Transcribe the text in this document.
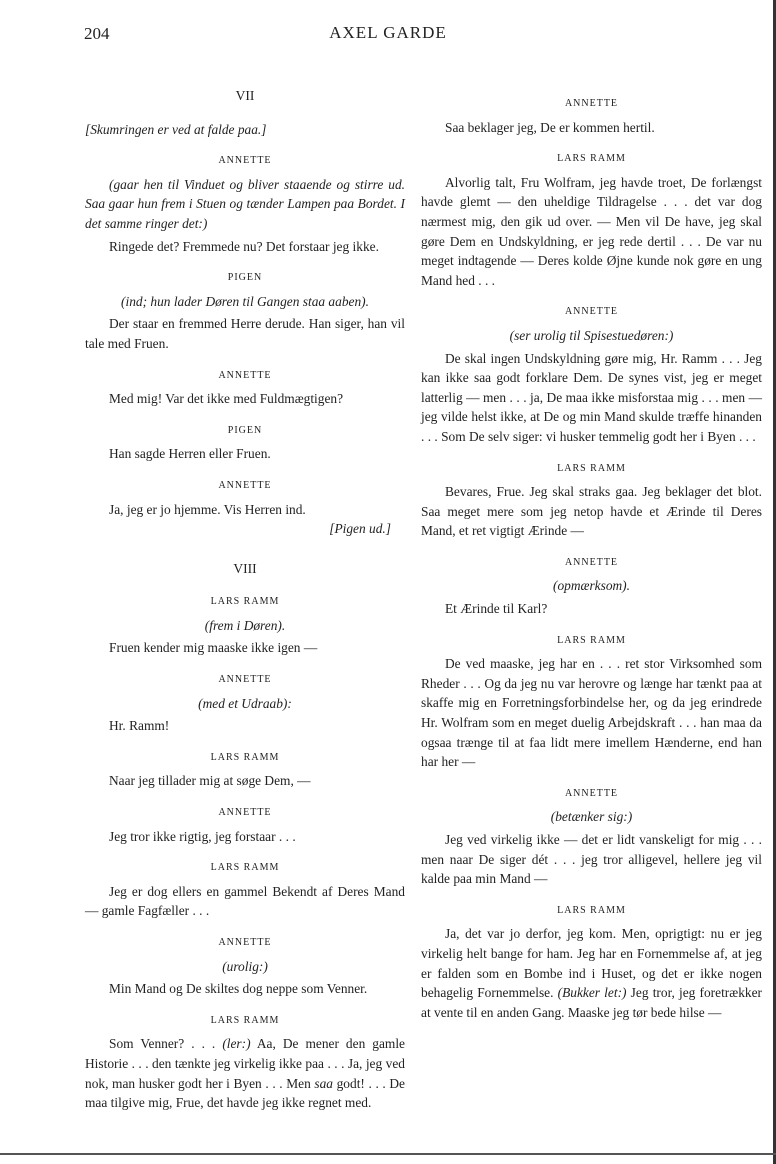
204	AXEL GARDE
VII
[Skumringen er ved at falde paa.]
ANNETTE
(gaar hen til Vinduet og bliver staaende og stirre ud. Saa gaar hun frem i Stuen og tænder Lampen paa Bordet. I det samme ringer det:)
Ringede det? Fremmede nu? Det forstaar jeg ikke.
PIGEN
(ind; hun lader Døren til Gangen staa aaben).
Der staar en fremmed Herre derude. Han siger, han vil tale med Fruen.
ANNETTE
Med mig! Var det ikke med Fuldmægtigen?
PIGEN
Han sagde Herren eller Fruen.
ANNETTE
Ja, jeg er jo hjemme. Vis Herren ind.
[Pigen ud.]
VIII
LARS RAMM
(frem i Døren).
Fruen kender mig maaske ikke igen —
ANNETTE
(med et Udraab):
Hr. Ramm!
LARS RAMM
Naar jeg tillader mig at søge Dem, —
ANNETTE
Jeg tror ikke rigtig, jeg forstaar . . .
LARS RAMM
Jeg er dog ellers en gammel Bekendt af Deres Mand — gamle Fagfæller . . .
ANNETTE
(urolig:)
Min Mand og De skiltes dog neppe som Venner.
LARS RAMM
Som Venner? . . . (ler:) Aa, De mener den gamle Historie . . . den tænkte jeg virkelig ikke paa . . . Ja, jeg ved nok, man husker godt her i Byen . . . Men saa godt! . . . De maa tilgive mig, Frue, det havde jeg ikke regnet med.
ANNETTE
Saa beklager jeg, De er kommen hertil.
LARS RAMM
Alvorlig talt, Fru Wolfram, jeg havde troet, De forlængst havde glemt — den uheldige Tildragelse . . . det var dog nærmest mig, den gik ud over. — Men vil De have, jeg skal gøre Dem en Undskyldning, er jeg rede dertil . . . De var nu meget indtagende — Deres kolde Øjne kunde nok gøre en ung Mand hed . . .
ANNETTE
(ser urolig til Spisestuedøren:)
De skal ingen Undskyldning gøre mig, Hr. Ramm . . . Jeg kan ikke saa godt forklare Dem. De synes vist, jeg er meget latterlig — men . . . ja, De maa ikke misforstaa mig . . . men — jeg vilde helst ikke, at De og min Mand skulde træffe hinanden . . . Som De selv siger: vi husker temmelig godt her i Byen . . .
LARS RAMM
Bevares, Frue. Jeg skal straks gaa. Jeg beklager det blot. Saa meget mere som jeg netop havde et Ærinde til Deres Mand, et ret vigtigt Ærinde —
ANNETTE
(opmærksom).
Et Ærinde til Karl?
LARS RAMM
De ved maaske, jeg har en . . . ret stor Virksomhed som Rheder . . . Og da jeg nu var herovre og længe har tænkt paa at skaffe mig en Forretningsforbindelse her, og da jeg erindrede Hr. Wolfram som en meget duelig Arbejdskraft . . . han maa da ogsaa trænge til at faa lidt mere imellem Hænderne, end han har her —
ANNETTE
(betænker sig:)
Jeg ved virkelig ikke — det er lidt vanskeligt for mig . . . men naar De siger dét . . . jeg tror alligevel, hellere jeg vil kalde paa min Mand —
LARS RAMM
Ja, det var jo derfor, jeg kom. Men, oprigtigt: nu er jeg virkelig helt bange for ham. Jeg har en Fornemmelse af, at jeg er falden som en Bombe ind i Huset, og det er ikke nogen behagelig Fornemmelse. (Bukker let:) Jeg tror, jeg foretrækker at vente til en anden Gang. Maaske jeg tør bede hilse —
